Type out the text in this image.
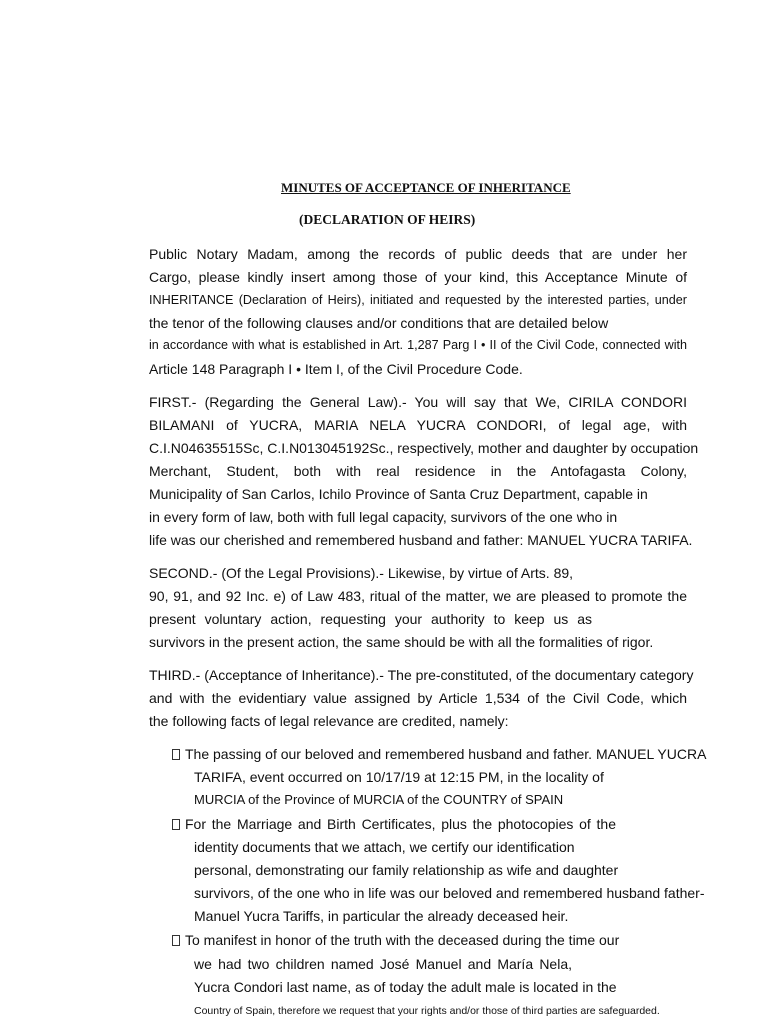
MINUTES OF ACCEPTANCE OF INHERITANCE
(DECLARATION OF HEIRS)
Public Notary Madam, among the records of public deeds that are under her
Cargo, please kindly insert among those of your kind, this Acceptance Minute of
INHERITANCE (Declaration of Heirs), initiated and requested by the interested parties, under
the tenor of the following clauses and/or conditions that are detailed below
in accordance with what is established in Art. 1,287 Parg I • II of the Civil Code, connected with
Article 148 Paragraph I • Item I, of the Civil Procedure Code.
FIRST.- (Regarding the General Law).- You will say that We, CIRILA CONDORI
BILAMANI of YUCRA, MARIA NELA YUCRA CONDORI, of legal age, with
C.I.N04635515Sc, C.I.N013045192Sc., respectively, mother and daughter by occupation
Merchant, Student, both with real residence in the Antofagasta Colony,
Municipality of San Carlos, Ichilo Province of Santa Cruz Department, capable in
in every form of law, both with full legal capacity, survivors of the one who in
life was our cherished and remembered husband and father: MANUEL YUCRA TARIFA.
SECOND.- (Of the Legal Provisions).- Likewise, by virtue of Arts. 89,
90, 91, and 92 Inc. e) of Law 483, ritual of the matter, we are pleased to promote the
present voluntary action, requesting your authority to keep us as
survivors in the present action, the same should be with all the formalities of rigor.
THIRD.- (Acceptance of Inheritance).- The pre-constituted, of the documentary category
and with the evidentiary value assigned by Article 1,534 of the Civil Code, which
the following facts of legal relevance are credited, namely:
The passing of our beloved and remembered husband and father. MANUEL YUCRA
TARIFA, event occurred on 10/17/19 at 12:15 PM, in the locality of
MURCIA of the Province of MURCIA of the COUNTRY of SPAIN
For the Marriage and Birth Certificates, plus the photocopies of the
identity documents that we attach, we certify our identification
personal, demonstrating our family relationship as wife and daughter
survivors, of the one who in life was our beloved and remembered husband father-
Manuel Yucra Tariffs, in particular the already deceased heir.
To manifest in honor of the truth with the deceased during the time our
we had two children named José Manuel and María Nela,
Yucra Condori last name, as of today the adult male is located in the
Country of Spain, therefore we request that your rights and/or those of third parties are safeguarded.
